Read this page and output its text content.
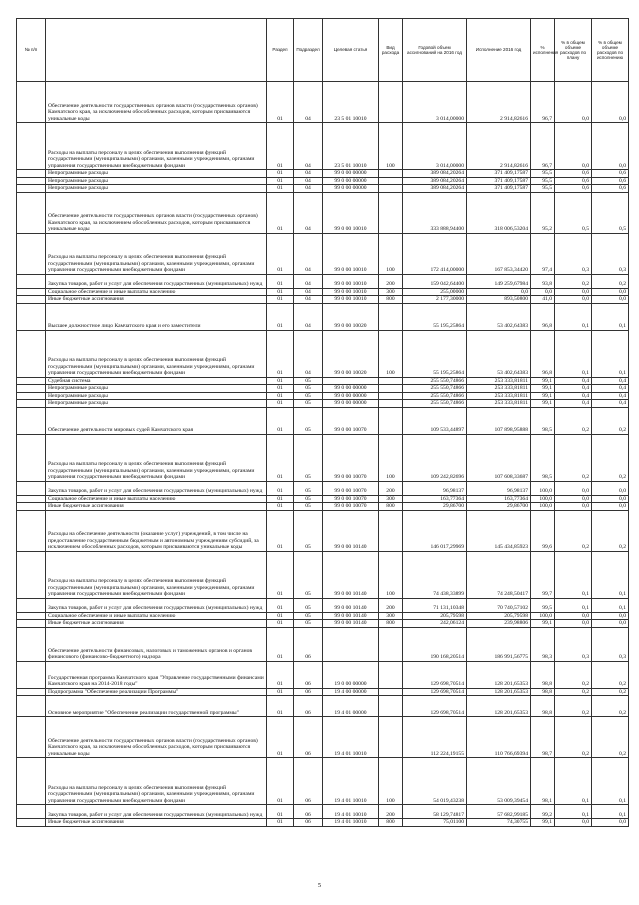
№ п/п		Раздел	Подраздел	Целевая статья	Вид расхода	Годовой объем ассигнований на 2016 год	Исполнение 2016 год	% исполнения	% в общем объеме расходов по плану	% в общем объеме расходов по исполнению
	Обеспечение деятельности государственных органов власти (государственных органов) Камчатского края, за исключением обособленных расходов, которым присваиваются уникальные коды	01	04	23 5 01 10010		3 014,00000	2 914,82616	96,7	0,0	0,0
	Расходы на выплаты персоналу в целях обеспечения выполнения функций государственными (муниципальными) органами, казенными учреждениями, органами управления государственными внебюджетными фондами	01	04	23 5 01 10010	100	3 014,00000	2 914,82616	96,7	0,0	0,0
	Непрограммные расходы	01	04	99 0 00 00000		389 084,20264	371 409,17587	95,5	0,6	0,6
	Непрограммные расходы	01	04	99 0 00 00000		389 084,20264	371 409,17587	95,5	0,6	0,6
	Непрограммные расходы	01	04	99 0 00 00000		389 084,20264	371 409,17587	95,5	0,6	0,6
	Обеспечение деятельности государственных органов власти (государственных органов) Камчатского края, за исключением обособленных расходов, которым присваиваются уникальные коды	01	04	99 0 00 10010		333 888,94400	318 006,53204	95,2	0,5	0,5
	Расходы на выплаты персоналу в целях обеспечения выполнения функций государственными (муниципальными) органами, казенными учреждениями, органами управления государственными внебюджетными фондами	01	04	99 0 00 10010	100	172 414,00000	167 853,34420	97,4	0,3	0,3
	Закупка товаров, работ и услуг для обеспечения государственных (муниципальных) нужд	01	04	99 0 00 10010	200	159 042,64400	149 259,67984	93,8	0,2	0,2
	Социальное обеспечение и иные выплаты населению	01	04	99 0 00 10010	300	255,00000	0,0	0,0	0,0	0,0
	Иные бюджетные ассигнования	01	04	99 0 00 10010	800	2 177,30000	893,50800	41,0	0,0	0,0
	Высшее должностное лицо Камчатского края и его заместители	01	04	99 0 00 10020		55 195,25864	53 402,64383	96,8	0,1	0,1
	Расходы на выплаты персоналу в целях обеспечения выполнения функций государственными (муниципальными) органами, казенными учреждениями, органами управления государственными внебюджетными фондами	01	04	99 0 00 10020	100	55 195,25864	53 402,64383	96,8	0,1	0,1
	Судебная система	01	05			255 550,74866	253 333,81811	99,1	0,4	0,4
	Непрограммные расходы	01	05	99 0 00 00000		255 550,74866	253 333,81811	99,1	0,4	0,4
	Непрограммные расходы	01	05	99 0 00 00000		255 550,74866	253 333,81811	99,1	0,4	0,4
	Непрограммные расходы	01	05	99 0 00 00000		255 550,74866	253 333,81811	99,1	0,4	0,4
	Обеспечение деятельности мировых судей Камчатского края	01	05	99 0 00 10070		109 533,44897	107 898,95888	98,5	0,2	0,2
	Расходы на выплаты персоналу в целях обеспечения выполнения функций государственными (муниципальными) органами, казенными учреждениями, органами управления государственными внебюджетными фондами	01	05	99 0 00 10070	100	109 242,82696	107 608,33687	98,5	0,2	0,2
	Закупка товаров, работ и услуг для обеспечения государственных (муниципальных) нужд	01	05	99 0 00 10070	200	96,98137	96,98137	100,0	0,0	0,0
	Социальное обеспечение и иные выплаты населению	01	05	99 0 00 10070	300	163,77364	163,77364	100,0	0,0	0,0
	Иные бюджетные ассигнования	01	05	99 0 00 10070	800	29,86700	29,86700	100,0	0,0	0,0
	Расходы на обеспечение деятельности (оказание услуг) учреждений, в том числе на предоставление государственным бюджетным и автономным учреждениям субсидий, за исключением обособленных расходов, которым присваиваются уникальные коды	01	05	99 0 00 10140		146 017,29969	145 434,85923	99,6	0,2	0,2
	Расходы на выплаты персоналу в целях обеспечения выполнения функций государственными (муниципальными) органами, казенными учреждениями, органами управления государственными внебюджетными фондами	01	05	99 0 00 10140	100	74 438,33899	74 248,50417	99,7	0,1	0,1
	Закупка товаров, работ и услуг для обеспечения государственных (муниципальных) нужд	01	05	99 0 00 10140	200	71 131,10348	70 740,57102	99,5	0,1	0,1
	Социальное обеспечение и иные выплаты населению	01	05	99 0 00 10140	300	205,79598	205,79598	100,0	0,0	0,0
	Иные бюджетные ассигнования	01	05	99 0 00 10140	800	242,06124	239,98806	99,1	0,0	0,0
	Обеспечение деятельности финансовых, налоговых и таможенных органов и органов финансового (финансово-бюджетного) надзора	01	06			190 168,20514	186 991,56775	98,3	0,3	0,3
	Государственная программа Камчатского края "Управление государственными финансами Камчатского края на 2014-2018 годы"	01	06	19 0 00 00000		129 698,70514	128 201,65353	98,8	0,2	0,2
	Подпрограмма "Обеспечение реализации Программы"	01	06	19 4 00 00000		129 698,70514	128 201,65353	98,8	0,2	0,2
	Основное мероприятие "Обеспечение реализации государственной программы"	01	06	19 4 01 00000		129 698,70514	128 201,65353	98,8	0,2	0,2
	Обеспечение деятельности государственных органов власти (государственных органов) Камчатского края, за исключением обособленных расходов, которым присваиваются уникальные коды	01	06	19 4 01 10010		112 224,19155	110 766,69394	98,7	0,2	0,2
	Расходы на выплаты персоналу в целях обеспечения выполнения функций государственными (муниципальными) органами, казенными учреждениями, органами управления государственными внебюджетными фондами	01	06	19 4 01 10010	100	54 019,43238	53 009,39454	98,1	0,1	0,1
	Закупка товаров, работ и услуг для обеспечения государственных (муниципальных) нужд	01	06	19 4 01 10010	200	58 129,74817	57 682,99185	99,2	0,1	0,1
	Иные бюджетные ассигнования	01	06	19 4 01 10010	800	75,01100	74,30755	99,1	0,0	0,0
5
